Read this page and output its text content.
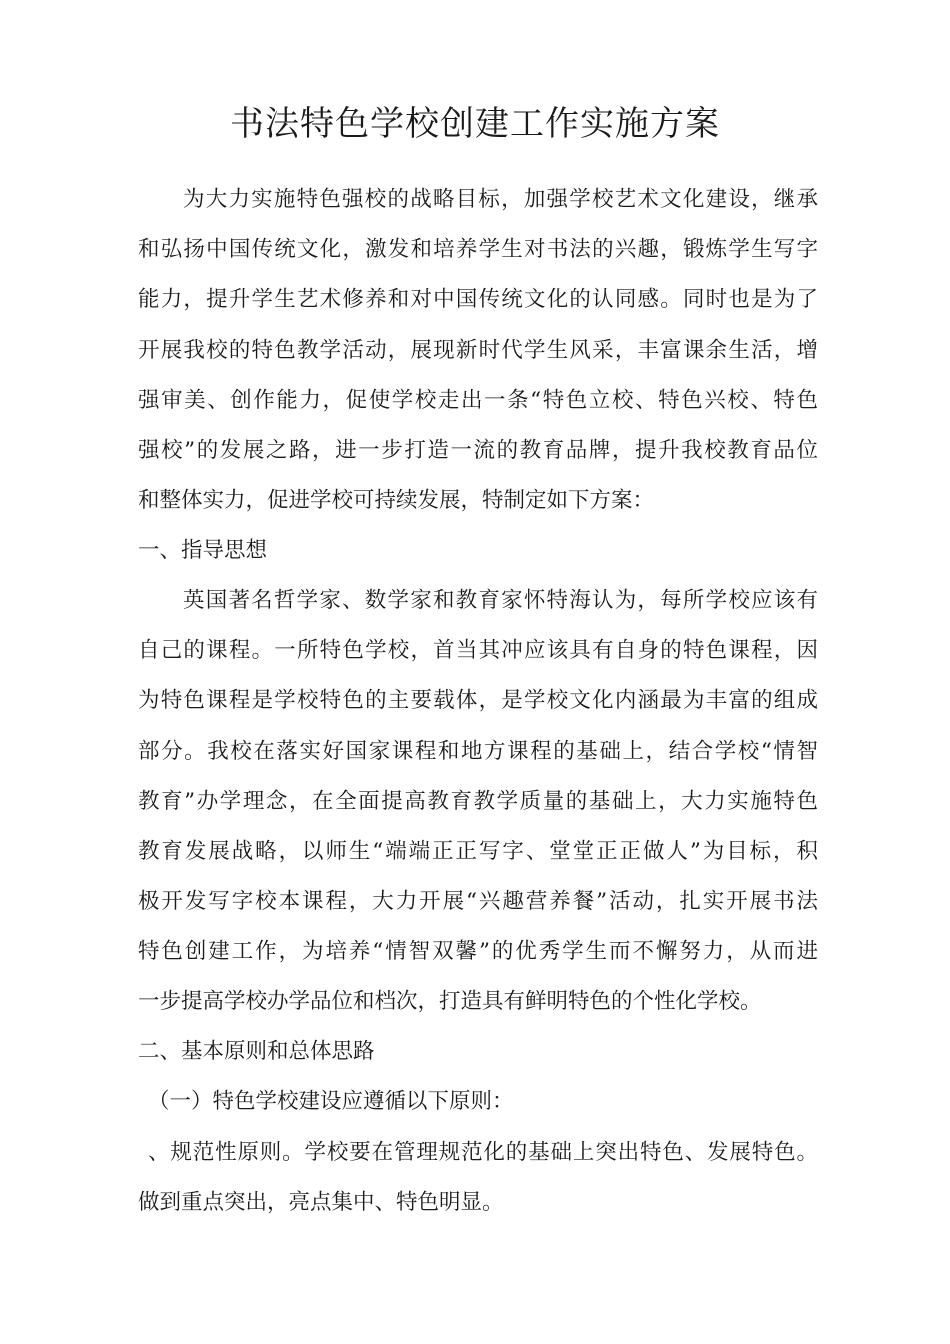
书法特色学校创建工作实施方案

为大力实施特色强校的战略目标，加强学校艺术文化建设，继承

和弘扬中国传统文化，激发和培养学生对书法的兴趣，锻炼学生写字

能力，提升学生艺术修养和对中国传统文化的认同感。同时也是为了

开展我校的特色教学活动，展现新时代学生风采，丰富课余生活，增

强审美、创作能力，促使学校走出一条“特色立校、特色兴校、特色

强校”的发展之路，进一步打造一流的教育品牌，提升我校教育品位

和整体实力，促进学校可持续发展，特制定如下方案：

一、指导思想

英国著名哲学家、数学家和教育家怀特海认为，每所学校应该有

自己的课程。一所特色学校，首当其冲应该具有自身的特色课程，因

为特色课程是学校特色的主要载体，是学校文化内涵最为丰富的组成

部分。我校在落实好国家课程和地方课程的基础上，结合学校“情智

教育”办学理念，在全面提高教育教学质量的基础上，大力实施特色

教育发展战略，以师生“端端正正写字、堂堂正正做人”为目标，积

极开发写字校本课程，大力开展“兴趣营养餐”活动，扎实开展书法

特色创建工作，为培养“情智双馨”的优秀学生而不懈努力，从而进

一步提高学校办学品位和档次，打造具有鲜明特色的个性化学校。

二、基本原则和总体思路

（一）特色学校建设应遵循以下原则：

、规范性原则。学校要在管理规范化的基础上突出特色、发展特色。

做到重点突出，亮点集中、特色明显。
